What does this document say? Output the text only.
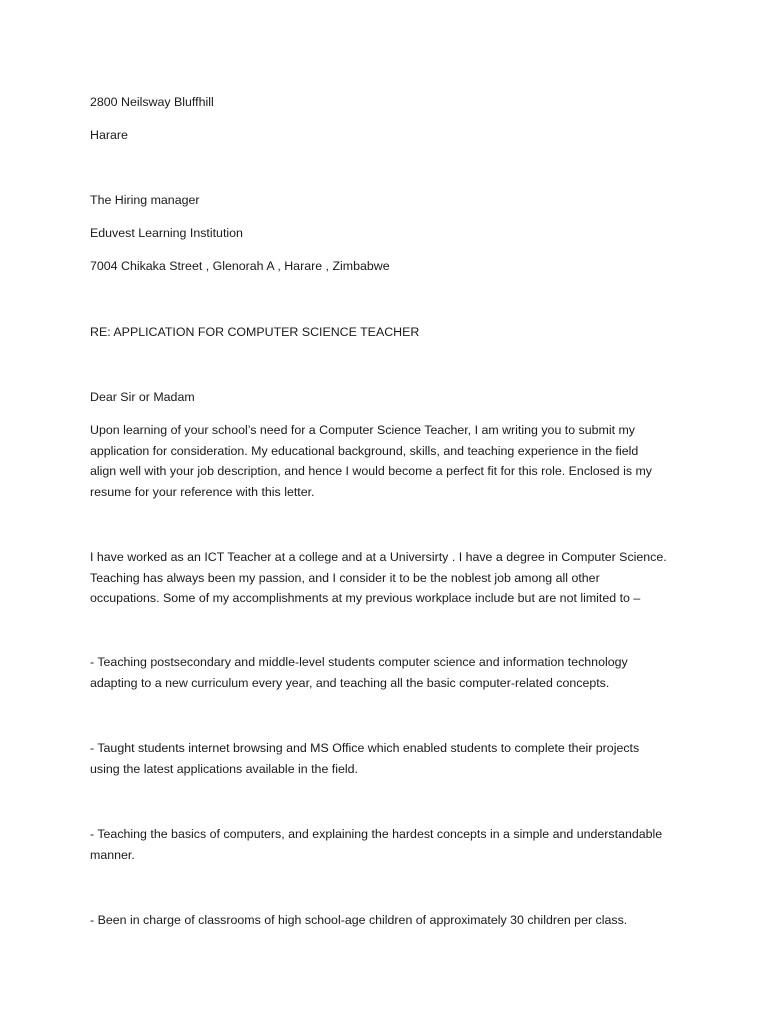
2800 Neilsway Bluffhill
Harare
The Hiring manager
Eduvest Learning Institution
7004 Chikaka Street , Glenorah A , Harare , Zimbabwe
RE: APPLICATION FOR COMPUTER SCIENCE TEACHER
Dear Sir or Madam
Upon learning of your school’s need for a Computer Science Teacher, I am writing you to submit my
application for consideration. My educational background, skills, and teaching experience in the field
align well with your job description, and hence I would become a perfect fit for this role. Enclosed is my
resume for your reference with this letter.
I have worked as an ICT Teacher at a college and at a Universirty . I have a degree in Computer Science.
Teaching has always been my passion, and I consider it to be the noblest job among all other
occupations. Some of my accomplishments at my previous workplace include but are not limited to –
- Teaching postsecondary and middle-level students computer science and information technology
adapting to a new curriculum every year, and teaching all the basic computer-related concepts.
- Taught students internet browsing and MS Office which enabled students to complete their projects
using the latest applications available in the field.
- Teaching the basics of computers, and explaining the hardest concepts in a simple and understandable
manner.
- Been in charge of classrooms of high school-age children of approximately 30 children per class.
